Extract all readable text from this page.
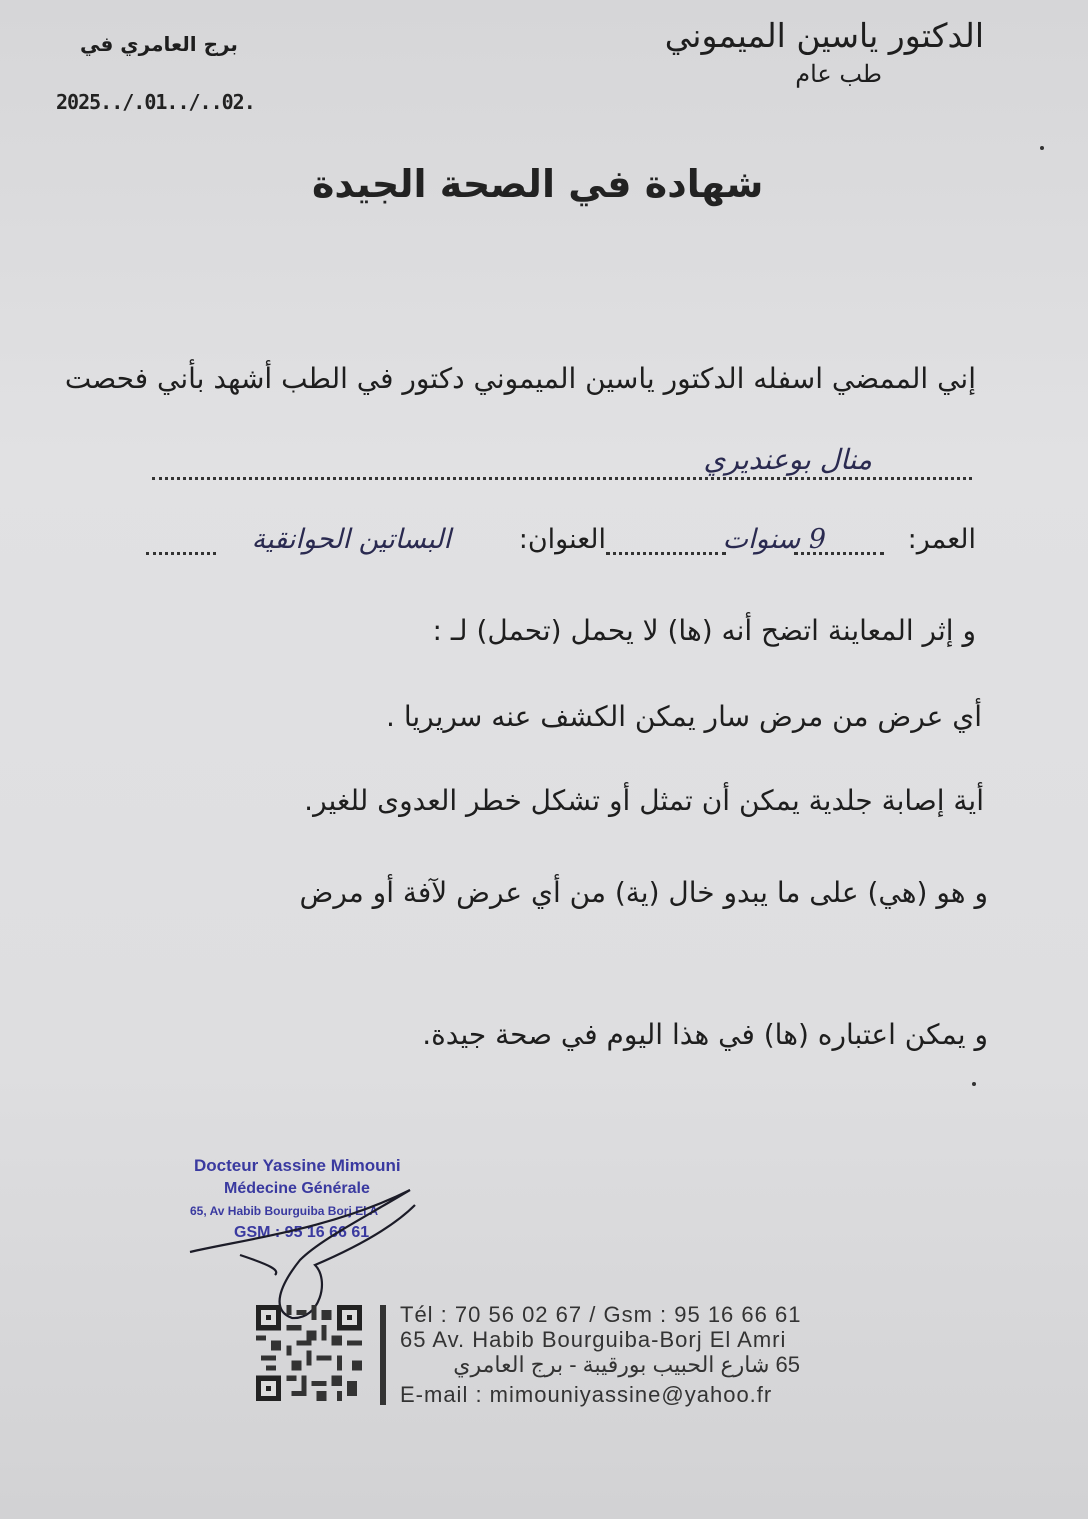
الدكتور ياسين الميموني
طب عام
برج العامري في
2025../.01../..02.
شهادة في الصحة الجيدة
إني الممضي اسفله الدكتور ياسين الميموني دكتور في الطب أشهد بأني فحصت
منال بوعنديري
العمر:
9 سنوات
العنوان:
البساتين الحوانقية
و إثر المعاينة اتضح أنه (ها) لا يحمل (تحمل) لـ :
أي عرض من مرض سار يمكن الكشف عنه سريريا .
أية إصابة جلدية يمكن أن تمثل أو تشكل خطر العدوى للغير.
و هو (هي) على ما يبدو خال (ية) من أي عرض لآفة أو مرض
و يمكن اعتباره (ها) في هذا اليوم في صحة جيدة.
Docteur Yassine Mimouni
Médecine Générale
65, Av Habib Bourguiba Borj El A
GSM : 95 16 66 61
Tél : 70 56 02 67 / Gsm : 95 16 66 61
65 Av. Habib Bourguiba-Borj El Amri
65 شارع الحبيب بورقيبة - برج العامري
E-mail : mimouniyassine@yahoo.fr
